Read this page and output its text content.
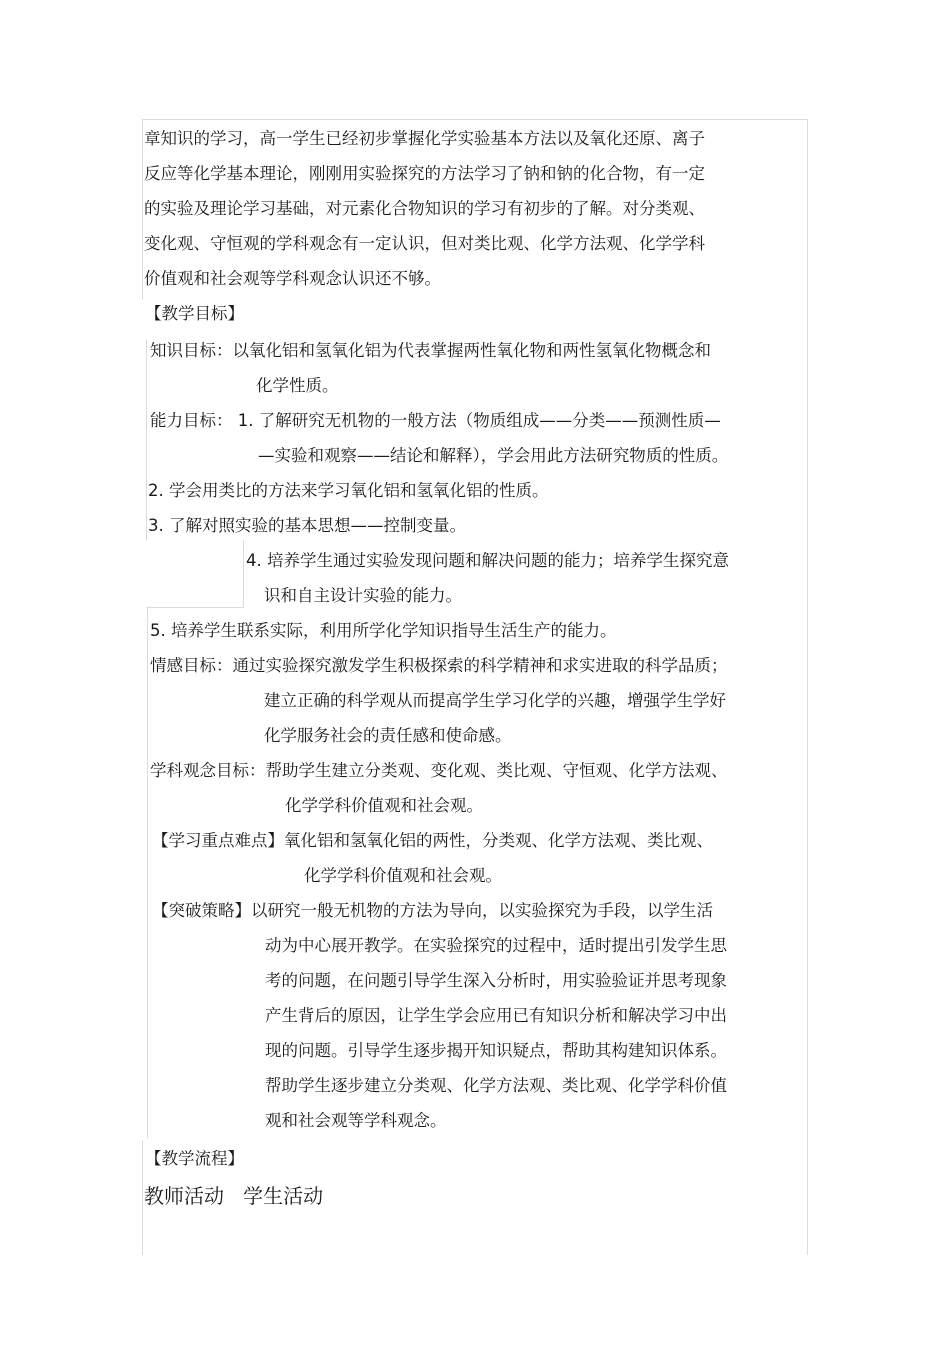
章知识的学习，高一学生已经初步掌握化学实验基本方法以及氧化还原、离子
反应等化学基本理论，刚刚用实验探究的方法学习了钠和钠的化合物，有一定
的实验及理论学习基础，对元素化合物知识的学习有初步的了解。对分类观、
变化观、守恒观的学科观念有一定认识，但对类比观、化学方法观、化学学科
价值观和社会观等学科观念认识还不够。
【教学目标】
知识目标：以氧化铝和氢氧化铝为代表掌握两性氧化物和两性氢氧化物概念和
化学性质。
能力目标： 1. 了解研究无机物的一般方法（物质组成——分类——预测性质—
—实验和观察——结论和解释），学会用此方法研究物质的性质。
2. 学会用类比的方法来学习氧化铝和氢氧化铝的性质。
3. 了解对照实验的基本思想——控制变量。
4. 培养学生通过实验发现问题和解决问题的能力；培养学生探究意
识和自主设计实验的能力。
5. 培养学生联系实际，利用所学化学知识指导生活生产的能力。
情感目标：通过实验探究激发学生积极探索的科学精神和求实进取的科学品质；
建立正确的科学观从而提高学生学习化学的兴趣，增强学生学好
化学服务社会的责任感和使命感。
学科观念目标：帮助学生建立分类观、变化观、类比观、守恒观、化学方法观、
化学学科价值观和社会观。
【学习重点难点】氧化铝和氢氧化铝的两性，分类观、化学方法观、类比观、
化学学科价值观和社会观。
【突破策略】以研究一般无机物的方法为导向，以实验探究为手段，以学生活
动为中心展开教学。在实验探究的过程中，适时提出引发学生思
考的问题，在问题引导学生深入分析时，用实验验证并思考现象
产生背后的原因，让学生学会应用已有知识分析和解决学习中出
现的问题。引导学生逐步揭开知识疑点，帮助其构建知识体系。
帮助学生逐步建立分类观、化学方法观、类比观、化学学科价值
观和社会观等学科观念。
【教学流程】
教师活动   学生活动
